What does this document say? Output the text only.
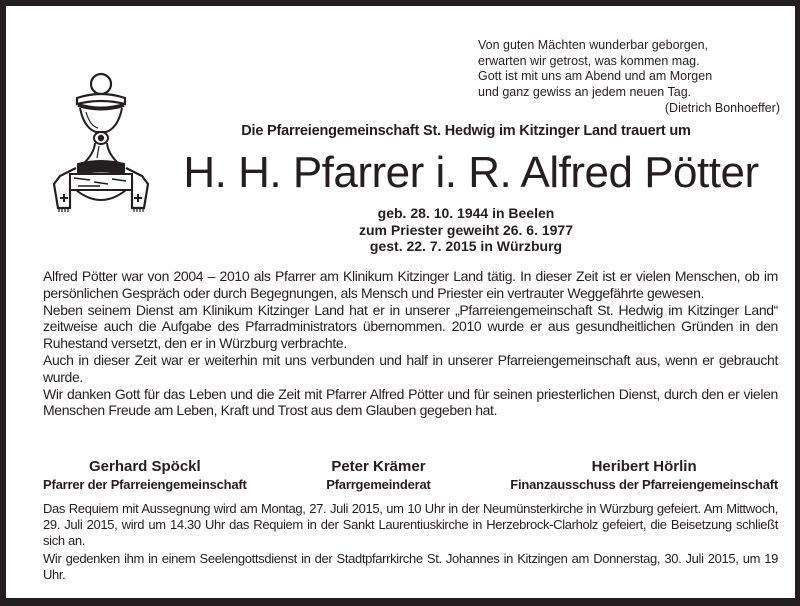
Von guten Mächten wunderbar geborgen,
erwarten wir getrost, was kommen mag.
Gott ist mit uns am Abend und am Morgen
und ganz gewiss an jedem neuen Tag.
(Dietrich Bonhoeffer)
Die Pfarreiengemeinschaft St. Hedwig im Kitzinger Land trauert um
H. H. Pfarrer i. R. Alfred Pötter
geb. 28. 10. 1944 in Beelen
zum Priester geweiht 26. 6. 1977
gest. 22. 7. 2015 in Würzburg

Alfred Pötter war von 2004 – 2010 als Pfarrer am Klinikum Kitzinger Land tätig. In dieser Zeit ist er vielen Menschen, ob im persönlichen Gespräch oder durch Begegnungen, als Mensch und Priester ein vertrauter Weggefährte gewesen.

Neben seinem Dienst am Klinikum Kitzinger Land hat er in unserer „Pfarreiengemeinschaft St. Hedwig im Kitzinger Land“ zeitweise auch die Aufgabe des Pfarradministrators übernommen. 2010 wurde er aus gesundheitlichen Gründen in den Ruhestand versetzt, den er in Würzburg verbrachte.

Auch in dieser Zeit war er weiterhin mit uns verbunden und half in unserer Pfarreiengemeinschaft aus, wenn er gebraucht wurde.

Wir danken Gott für das Leben und die Zeit mit Pfarrer Alfred Pötter und für seinen priesterlichen Dienst, durch den er vielen Menschen Freude am Leben, Kraft und Trost aus dem Glauben gegeben hat.

Gerhard Spöckl
Pfarrer der Pfarreiengemeinschaft
Peter Krämer
Pfarrgemeinderat
Heribert Hörlin
Finanzausschuss der Pfarreiengemeinschaft

Das Requiem mit Aussegnung wird am Montag, 27. Juli 2015, um 10 Uhr in der Neumünsterkirche in Würzburg gefeiert. Am Mittwoch, 29. Juli 2015, wird um 14.30 Uhr das Requiem in der Sankt Laurentiuskirche in Herzebrock-Clarholz gefeiert, die Beisetzung schließt sich an.

Wir gedenken ihm in einem Seelengottsdienst in der Stadtpfarrkirche St. Johannes in Kitzingen am Donnerstag, 30. Juli 2015, um 19 Uhr.
